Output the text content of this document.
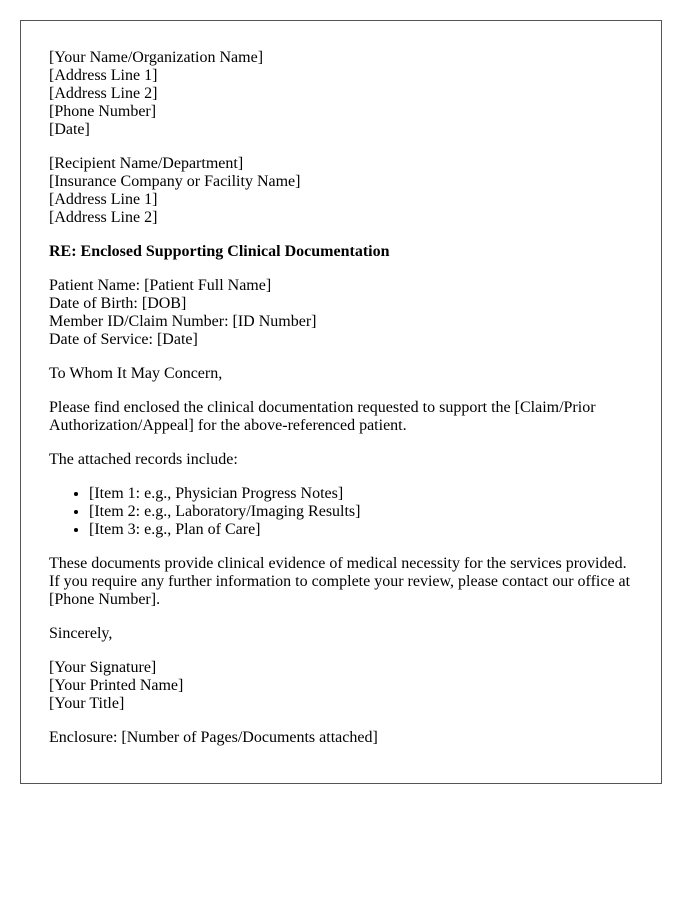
[Your Name/Organization Name]
[Address Line 1]
[Address Line 2]
[Phone Number]
[Date]

[Recipient Name/Department]
[Insurance Company or Facility Name]
[Address Line 1]
[Address Line 2]

RE: Enclosed Supporting Clinical Documentation

Patient Name: [Patient Full Name]
Date of Birth: [DOB]
Member ID/Claim Number: [ID Number]
Date of Service: [Date]

To Whom It May Concern,

Please find enclosed the clinical documentation requested to support the [Claim/Prior
Authorization/Appeal] for the above-referenced patient.

The attached records include:

• [Item 1: e.g., Physician Progress Notes]
• [Item 2: e.g., Laboratory/Imaging Results]
• [Item 3: e.g., Plan of Care]

These documents provide clinical evidence of medical necessity for the services provided.
If you require any further information to complete your review, please contact our office at
[Phone Number].

Sincerely,

[Your Signature]
[Your Printed Name]
[Your Title]

Enclosure: [Number of Pages/Documents attached]
